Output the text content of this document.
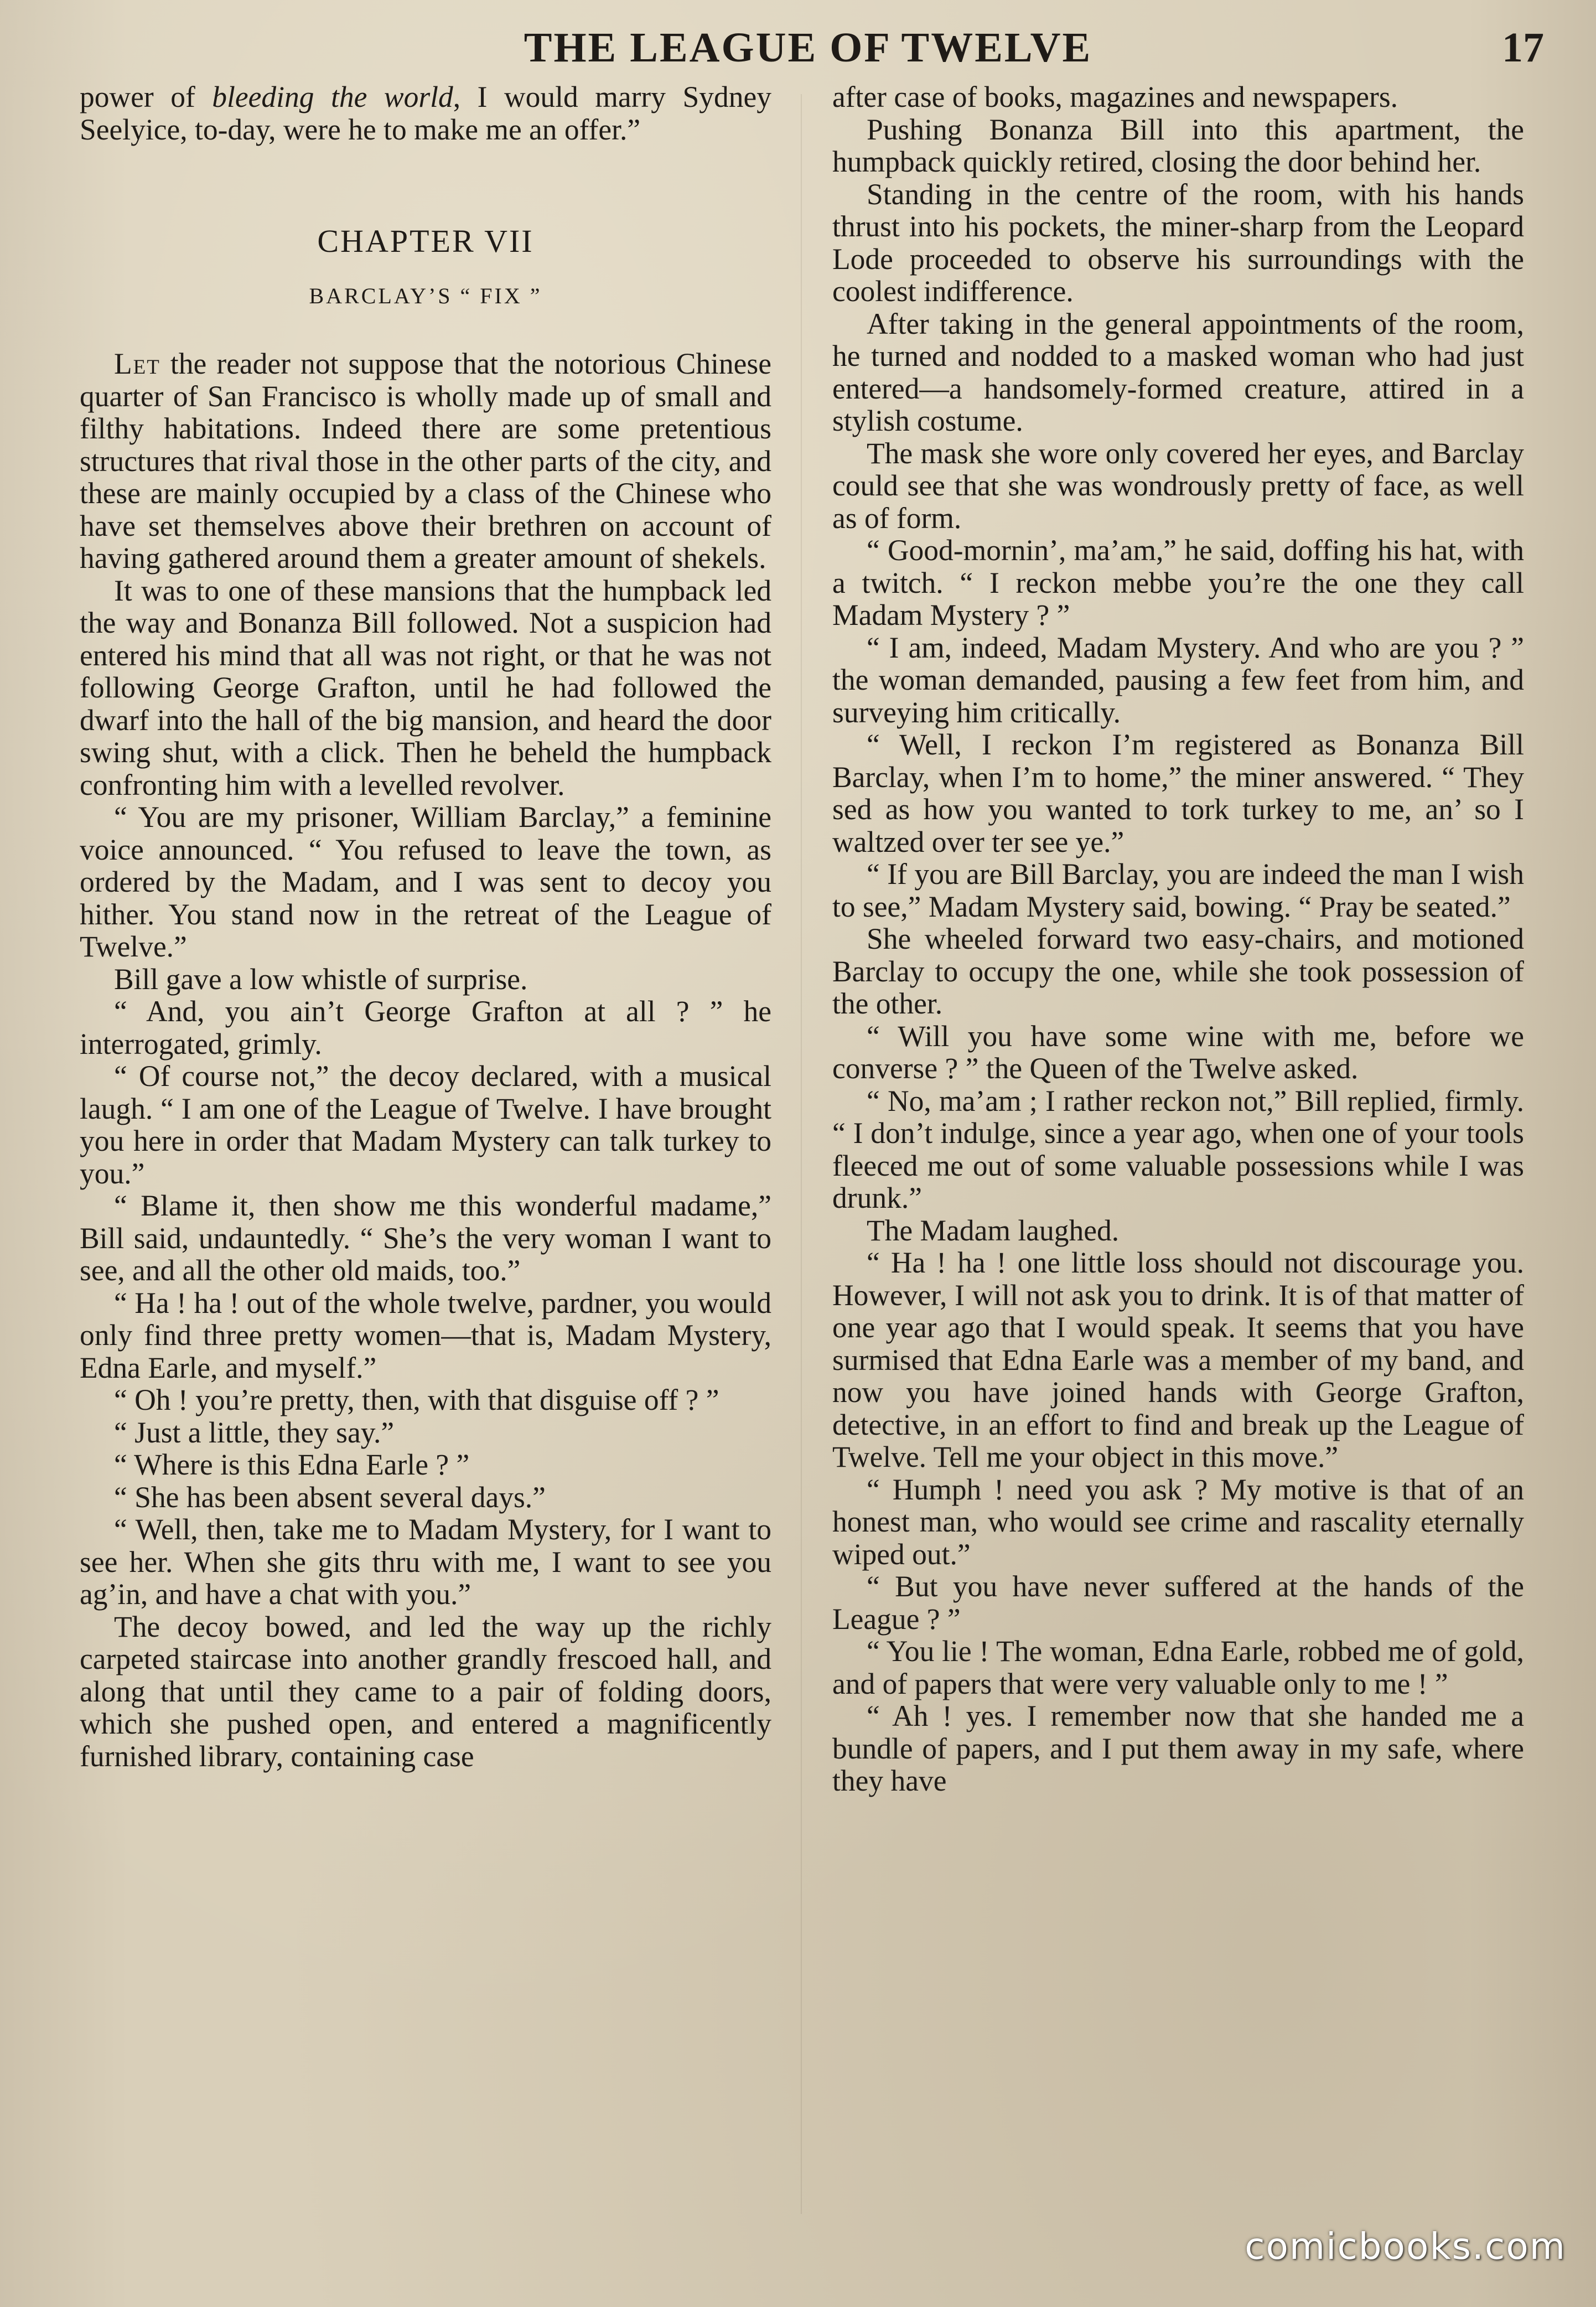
THE LEAGUE OF TWELVE	17

power of bleeding the world, I would marry Sydney Seelyice, to-day, were he to make me an offer.”

CHAPTER VII
BARCLAY’S “ FIX ”

Let the reader not suppose that the notorious Chinese quarter of San Francisco is wholly made up of small and filthy habitations. Indeed there are some pretentious structures that rival those in the other parts of the city, and these are mainly occupied by a class of the Chinese who have set themselves above their brethren on account of having gathered around them a greater amount of shekels.

It was to one of these mansions that the humpback led the way and Bonanza Bill followed. Not a suspicion had entered his mind that all was not right, or that he was not following George Grafton, until he had followed the dwarf into the hall of the big mansion, and heard the door swing shut, with a click. Then he beheld the humpback confronting him with a levelled revolver.

“ You are my prisoner, William Barclay,” a feminine voice announced. “ You refused to leave the town, as ordered by the Madam, and I was sent to decoy you hither. You stand now in the retreat of the League of Twelve.”

Bill gave a low whistle of surprise.

“ And, you ain’t George Grafton at all ? ” he interrogated, grimly.

“ Of course not,” the decoy declared, with a musical laugh. “ I am one of the League of Twelve. I have brought you here in order that Madam Mystery can talk turkey to you.”

“ Blame it, then show me this wonderful madame,” Bill said, undauntedly. “ She’s the very woman I want to see, and all the other old maids, too.”

“ Ha ! ha ! out of the whole twelve, pardner, you would only find three pretty women—that is, Madam Mystery, Edna Earle, and myself.”

“ Oh ! you’re pretty, then, with that disguise off ? ”

“ Just a little, they say.”

“ Where is this Edna Earle ? ”

“ She has been absent several days.”

“ Well, then, take me to Madam Mystery, for I want to see her. When she gits thru with me, I want to see you ag’in, and have a chat with you.”

The decoy bowed, and led the way up the richly carpeted staircase into another grandly frescoed hall, and along that until they came to a pair of folding doors, which she pushed open, and entered a magnificently furnished library, containing case

after case of books, magazines and newspapers.

Pushing Bonanza Bill into this apartment, the humpback quickly retired, closing the door behind her.

Standing in the centre of the room, with his hands thrust into his pockets, the miner-sharp from the Leopard Lode proceeded to observe his surroundings with the coolest indifference.

After taking in the general appointments of the room, he turned and nodded to a masked woman who had just entered—a handsomely-formed creature, attired in a stylish costume.

The mask she wore only covered her eyes, and Barclay could see that she was wondrously pretty of face, as well as of form.

“ Good-mornin’, ma’am,” he said, doffing his hat, with a twitch. “ I reckon mebbe you’re the one they call Madam Mystery ? ”

“ I am, indeed, Madam Mystery. And who are you ? ” the woman demanded, pausing a few feet from him, and surveying him critically.

“ Well, I reckon I’m registered as Bonanza Bill Barclay, when I’m to home,” the miner answered. “ They sed as how you wanted to tork turkey to me, an’ so I waltzed over ter see ye.”

“ If you are Bill Barclay, you are indeed the man I wish to see,” Madam Mystery said, bowing. “ Pray be seated.”

She wheeled forward two easy-chairs, and motioned Barclay to occupy the one, while she took possession of the other.

“ Will you have some wine with me, before we converse ? ” the Queen of the Twelve asked.

“ No, ma’am ; I rather reckon not,” Bill replied, firmly. “ I don’t indulge, since a year ago, when one of your tools fleeced me out of some valuable possessions while I was drunk.”

The Madam laughed.

“ Ha ! ha ! one little loss should not discourage you. However, I will not ask you to drink. It is of that matter of one year ago that I would speak. It seems that you have surmised that Edna Earle was a member of my band, and now you have joined hands with George Grafton, detective, in an effort to find and break up the League of Twelve. Tell me your object in this move.”

“ Humph ! need you ask ? My motive is that of an honest man, who would see crime and rascality eternally wiped out.”

“ But you have never suffered at the hands of the League ? ”

“ You lie ! The woman, Edna Earle, robbed me of gold, and of papers that were very valuable only to me ! ”

“ Ah ! yes. I remember now that she handed me a bundle of papers, and I put them away in my safe, where they have

comicbooks.com
